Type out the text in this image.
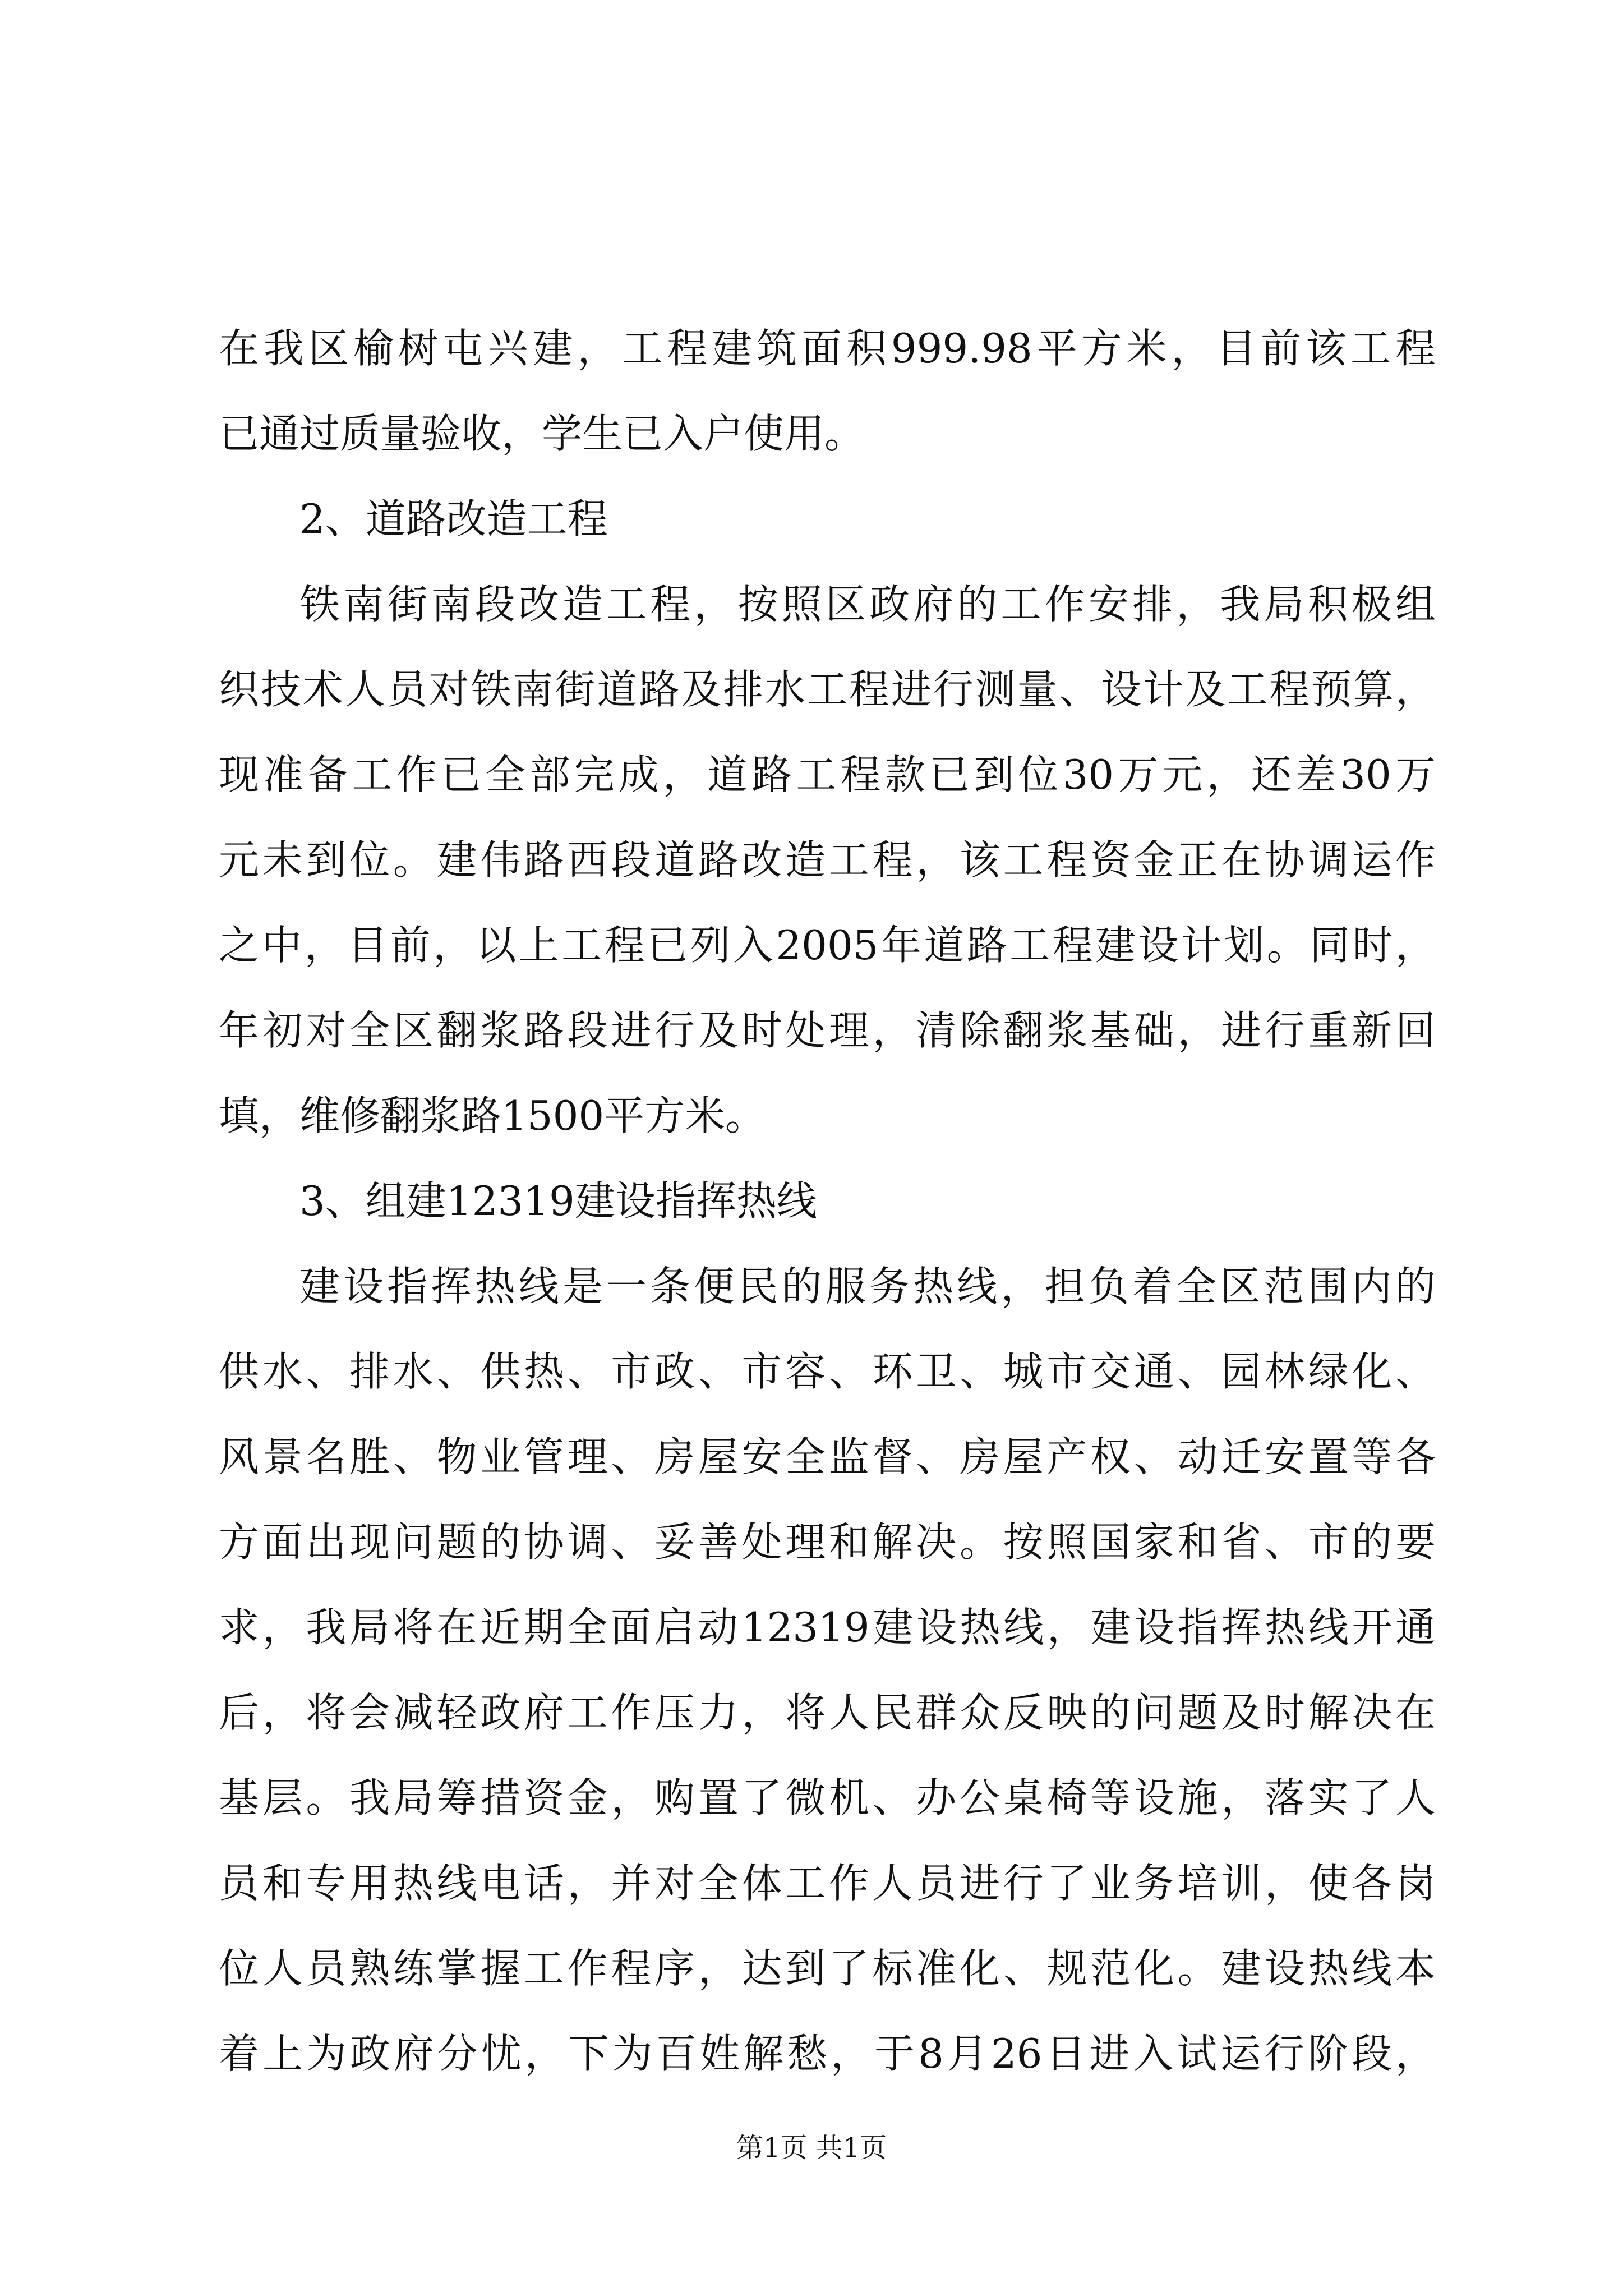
在我区榆树屯兴建，工程建筑面积999.98平方米，目前该工程
已通过质量验收，学生已入户使用。
2、道路改造工程
铁南街南段改造工程，按照区政府的工作安排，我局积极组
织技术人员对铁南街道路及排水工程进行测量、设计及工程预算，
现准备工作已全部完成，道路工程款已到位30万元，还差30万
元未到位。建伟路西段道路改造工程，该工程资金正在协调运作
之中，目前，以上工程已列入2005年道路工程建设计划。同时，
年初对全区翻浆路段进行及时处理，清除翻浆基础，进行重新回
填，维修翻浆路1500平方米。
3、组建12319建设指挥热线
建设指挥热线是一条便民的服务热线，担负着全区范围内的
供水、排水、供热、市政、市容、环卫、城市交通、园林绿化、
风景名胜、物业管理、房屋安全监督、房屋产权、动迁安置等各
方面出现问题的协调、妥善处理和解决。按照国家和省、市的要
求，我局将在近期全面启动12319建设热线，建设指挥热线开通
后，将会减轻政府工作压力，将人民群众反映的问题及时解决在
基层。我局筹措资金，购置了微机、办公桌椅等设施，落实了人
员和专用热线电话，并对全体工作人员进行了业务培训，使各岗
位人员熟练掌握工作程序，达到了标准化、规范化。建设热线本
着上为政府分忧，下为百姓解愁，于8月26日进入试运行阶段，
第1页 共1页
